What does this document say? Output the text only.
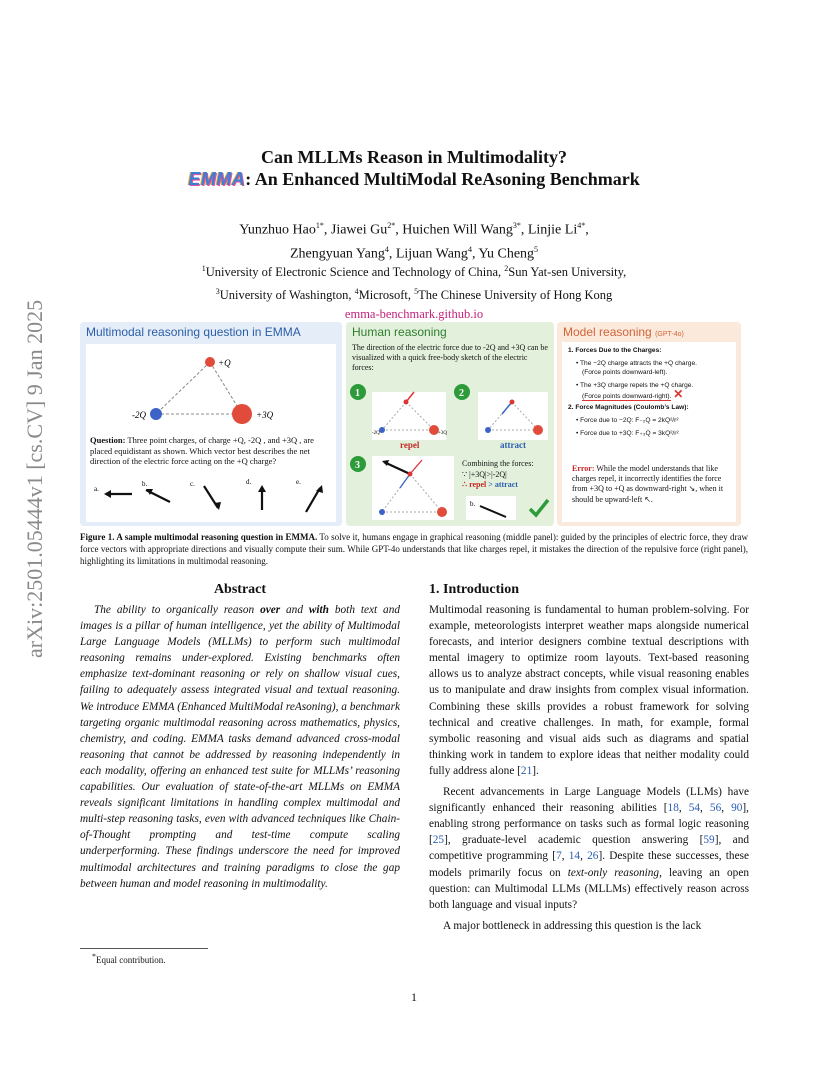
arXiv:2501.05444v1 [cs.CV] 9 Jan 2025
Can MLLMs Reason in Multimodality?
EMMA: An Enhanced MultiModal ReAsoning Benchmark
Yunzhuo Hao$^{1*}$, Jiawei $Gu^{2*}$, Huichen Will Wang$^{3*}$, Linjie $Li^{4*}$,
Zhengyuan Yang$^4$, Lijuan Wang$^4$, Yu Cheng$^5$
$^1$University of Electronic Science and Technology of China, $^2$Sun Yat-sen University,
$^3$University of Washington, $^4$Microsoft, $^5$The Chinese University of Hong Kong
emma-benchmark.github.io
Multimodal reasoning question in EMMA
+Q
-2Q	+3Q
a.
b.	c.	d.	e.
Question: Three point charges, of charge +Q, -2Q , and +3Q , are placed equidistant as shown. Which vector best describes the net direction of the electric force acting on the +Q charge?
Human reasoning
The direction of the electric force due to -2Q and +3Q can be visualized with a quick free-body sketch of the electric forces:
1
-2Q	+3Q
repel
2
attract
3
b.
Combining the forces:
∵ |+3Q|>|-2Q|
∴ repel > attract
Model reasoning (GPT-4o)
1. Forces Due to the Charges:
• The −2Q charge attracts the +Q charge.
(Force points downward-left).
• The +3Q charge repels the +Q charge.
(Force points downward-right). ✕
2. Force Magnitudes (Coulomb’s Law):
• Force due to −2Q: F₋₂Q = 2kQ²/r²
• Force due to +3Q: F₊₃Q = 3kQ²/r²
Error: While the model understands that like charges repel, it incorrectly identifies the force from +3Q to +Q as downward-right ↘, when it should be upward-left ↖.
Figure 1. A sample multimodal reasoning question in EMMA. To solve it, humans engage in graphical reasoning (middle panel): guided by the principles of electric force, they draw force vectors with appropriate directions and visually compute their sum. While GPT-4o understands that like charges repel, it mistakes the direction of the repulsive force (right panel), highlighting its limitations in multimodal reasoning.
Abstract
The ability to organically reason over and with both text and images is a pillar of human intelligence, yet the ability of Multimodal Large Language Models (MLLMs) to perform such multimodal reasoning remains under-explored. Existing benchmarks often emphasize text-dominant reasoning or rely on shallow visual cues, failing to adequately assess integrated visual and textual reasoning. We introduce EMMA (Enhanced MultiModal reAsoning), a benchmark targeting organic multimodal reasoning across mathematics, physics, chemistry, and coding. EMMA tasks demand advanced cross-modal reasoning that cannot be addressed by reasoning independently in each modality, offering an enhanced test suite for MLLMs’ reasoning capabilities. Our evaluation of state-of-the-art MLLMs on EMMA reveals significant limitations in handling complex multimodal and multi-step reasoning tasks, even with advanced techniques like Chain-of-Thought prompting and test-time compute scaling underperforming. These findings underscore the need for improved multimodal architectures and training paradigms to close the gap between human and model reasoning in multimodality.
1. Introduction

Multimodal reasoning is fundamental to human problem-solving. For example, meteorologists interpret weather maps alongside numerical forecasts, and interior designers combine textual descriptions with mental imagery to optimize room layouts. Text-based reasoning allows us to analyze abstract concepts, while visual reasoning enables us to manipulate and draw insights from complex visual information. Combining these skills provides a robust framework for solving technical and creative challenges. In math, for example, formal symbolic reasoning and visual aids such as diagrams and spatial thinking work in tandem to explore ideas that neither modality could fully address alone [21].

Recent advancements in Large Language Models (LLMs) have significantly enhanced their reasoning abilities [18, 54, 56, 90], enabling strong performance on tasks such as formal logic reasoning [25], graduate-level academic question answering [59], and competitive programming [7, 14, 26]. Despite these successes, these models primarily focus on text-only reasoning, leaving an open question: can Multimodal LLMs (MLLMs) effectively reason across both language and visual inputs?

A major bottleneck in addressing this question is the lack

*Equal contribution.
1
